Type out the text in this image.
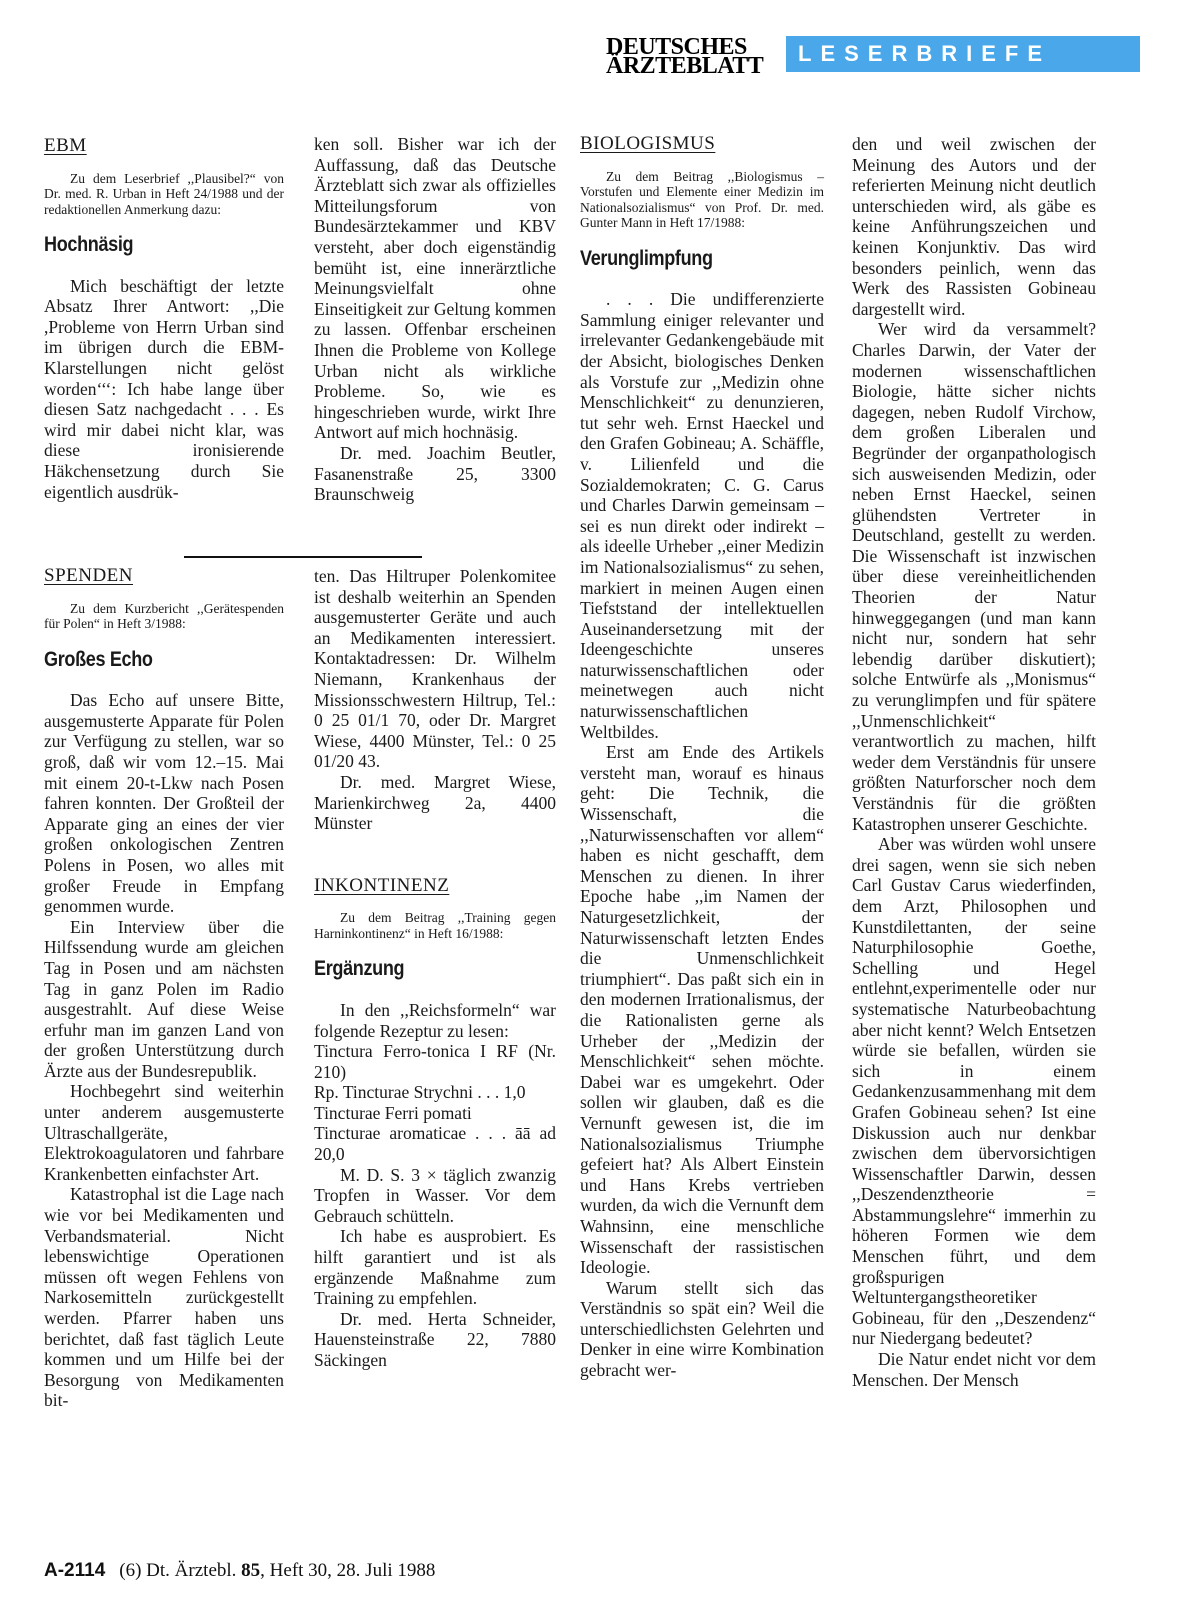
DEUTSCHES
ÄRZTEBLATT	LESERBRIEFE
EBM
Zu dem Leserbrief ,,Plausibel?“ von Dr. med. R. Urban in Heft 24/1988 und der redaktionellen Anmerkung dazu:
Hochnäsig

Mich beschäftigt der letzte Absatz Ihrer Antwort: ,,Die ,Probleme von Herrn Urban sind im übrigen durch die EBM-Klarstellungen nicht gelöst worden‘‘‘: Ich habe lange über diesen Satz nachgedacht . . . Es wird mir dabei nicht klar, was diese ironisierende Häkchensetzung durch Sie eigentlich ausdrük-

ken soll. Bisher war ich der Auffassung, daß das Deutsche Ärzteblatt sich zwar als offizielles Mitteilungsforum von Bundesärztekammer und KBV versteht, aber doch eigenständig bemüht ist, eine innerärztliche Meinungsvielfalt ohne Einseitigkeit zur Geltung kommen zu lassen. Offenbar erscheinen Ihnen die Probleme von Kollege Urban nicht als wirkliche Probleme. So, wie es hingeschrieben wurde, wirkt Ihre Antwort auf mich hochnäsig.

Dr. med. Joachim Beutler, Fasanenstraße 25, 3300 Braunschweig

SPENDEN
Zu dem Kurzbericht ,,Gerätespenden für Polen“ in Heft 3/1988:
Großes Echo

Das Echo auf unsere Bitte, ausgemusterte Apparate für Polen zur Verfügung zu stellen, war so groß, daß wir vom 12.–15. Mai mit einem 20-t-Lkw nach Posen fahren konnten. Der Großteil der Apparate ging an eines der vier großen onkologischen Zentren Polens in Posen, wo alles mit großer Freude in Empfang genommen wurde.

Ein Interview über die Hilfssendung wurde am gleichen Tag in Posen und am nächsten Tag in ganz Polen im Radio ausgestrahlt. Auf diese Weise erfuhr man im ganzen Land von der großen Unterstützung durch Ärzte aus der Bundesrepublik.

Hochbegehrt sind weiterhin unter anderem ausgemusterte Ultraschallgeräte, Elektrokoagulatoren und fahrbare Krankenbetten einfachster Art.

Katastrophal ist die Lage nach wie vor bei Medikamenten und Verbandsmaterial. Nicht lebenswichtige Operationen müssen oft wegen Fehlens von Narkosemitteln zurückgestellt werden. Pfarrer haben uns berichtet, daß fast täglich Leute kommen und um Hilfe bei der Besorgung von Medikamenten bit-

ten. Das Hiltruper Polenkomitee ist deshalb weiterhin an Spenden ausgemusterter Geräte und auch an Medikamenten interessiert. Kontaktadressen: Dr. Wilhelm Niemann, Krankenhaus der Missionsschwestern Hiltrup, Tel.: 0 25 01/1 70, oder Dr. Margret Wiese, 4400 Münster, Tel.: 0 25 01/20 43.

Dr. med. Margret Wiese, Marienkirchweg 2a, 4400 Münster

INKONTINENZ
Zu dem Beitrag ,,Training gegen Harninkontinenz“ in Heft 16/1988:
Ergänzung

In den ,,Reichsformeln“ war folgende Rezeptur zu lesen:

Tinctura Ferro-tonica I RF (Nr. 210)

Rp. Tincturae Strychni . . . 1,0

Tincturae Ferri pomati

Tincturae aromaticae . . . āā ad 20,0

M. D. S. 3 × täglich zwanzig Tropfen in Wasser. Vor dem Gebrauch schütteln.

Ich habe es ausprobiert. Es hilft garantiert und ist als ergänzende Maßnahme zum Training zu empfehlen.

Dr. med. Herta Schneider, Hauensteinstraße 22, 7880 Säckingen

BIOLOGISMUS
Zu dem Beitrag ,,Biologismus – Vorstufen und Elemente einer Medizin im Nationalsozialismus“ von Prof. Dr. med. Gunter Mann in Heft 17/1988:
Verunglimpfung

. . . Die undifferenzierte Sammlung einiger relevanter und irrelevanter Gedankengebäude mit der Absicht, biologisches Denken als Vorstufe zur ,,Medizin ohne Menschlichkeit“ zu denunzieren, tut sehr weh. Ernst Haeckel und den Grafen Gobineau; A. Schäffle, v. Lilienfeld und die Sozialdemokraten; C. G. Carus und Charles Darwin gemeinsam – sei es nun direkt oder indirekt – als ideelle Urheber ,,einer Medizin im Nationalsozialismus“ zu sehen, markiert in meinen Augen einen Tiefststand der intellektuellen Auseinandersetzung mit der Ideengeschichte unseres naturwissenschaftlichen oder meinetwegen auch nicht naturwissenschaftlichen Weltbildes.

Erst am Ende des Artikels versteht man, worauf es hinaus geht: Die Technik, die Wissenschaft, die ,,Naturwissenschaften vor allem“ haben es nicht geschafft, dem Menschen zu dienen. In ihrer Epoche habe ,,im Namen der Naturgesetzlichkeit, der Naturwissenschaft letzten Endes die Unmenschlichkeit triumphiert“. Das paßt sich ein in den modernen Irrationalismus, der die Rationalisten gerne als Urheber der ,,Medizin der Menschlichkeit“ sehen möchte. Dabei war es umgekehrt. Oder sollen wir glauben, daß es die Vernunft gewesen ist, die im Nationalsozialismus Triumphe gefeiert hat? Als Albert Einstein und Hans Krebs vertrieben wurden, da wich die Vernunft dem Wahnsinn, eine menschliche Wissenschaft der rassistischen Ideologie.

Warum stellt sich das Verständnis so spät ein? Weil die unterschiedlichsten Gelehrten und Denker in eine wirre Kombination gebracht wer-

den und weil zwischen der Meinung des Autors und der referierten Meinung nicht deutlich unterschieden wird, als gäbe es keine Anführungszeichen und keinen Konjunktiv. Das wird besonders peinlich, wenn das Werk des Rassisten Gobineau dargestellt wird.

Wer wird da versammelt? Charles Darwin, der Vater der modernen wissenschaftlichen Biologie, hätte sicher nichts dagegen, neben Rudolf Virchow, dem großen Liberalen und Begründer der organpathologisch sich ausweisenden Medizin, oder neben Ernst Haeckel, seinen glühendsten Vertreter in Deutschland, gestellt zu werden. Die Wissenschaft ist inzwischen über diese vereinheitlichenden Theorien der Natur hinweggegangen (und man kann nicht nur, sondern hat sehr lebendig darüber diskutiert); solche Entwürfe als ,,Monismus“ zu verunglimpfen und für spätere ,,Unmenschlichkeit“ verantwortlich zu machen, hilft weder dem Verständnis für unsere größten Naturforscher noch dem Verständnis für die größten Katastrophen unserer Geschichte.

Aber was würden wohl unsere drei sagen, wenn sie sich neben Carl Gustav Carus wiederfinden, dem Arzt, Philosophen und Kunstdilettanten, der seine Naturphilosophie Goethe, Schelling und Hegel entlehnt,experimentelle oder nur systematische Naturbeobachtung aber nicht kennt? Welch Entsetzen würde sie befallen, würden sie sich in einem Gedankenzusammenhang mit dem Grafen Gobineau sehen? Ist eine Diskussion auch nur denkbar zwischen dem übervorsichtigen Wissenschaftler Darwin, dessen ,,Deszendenztheorie = Abstammungslehre“ immerhin zu höheren Formen wie dem Menschen führt, und dem großspurigen Weltuntergangstheoretiker Gobineau, für den ,,Deszendenz“ nur Niedergang bedeutet?

Die Natur endet nicht vor dem Menschen. Der Mensch

A-2114 (6) Dt. Ärztebl. 85, Heft 30, 28. Juli 1988
